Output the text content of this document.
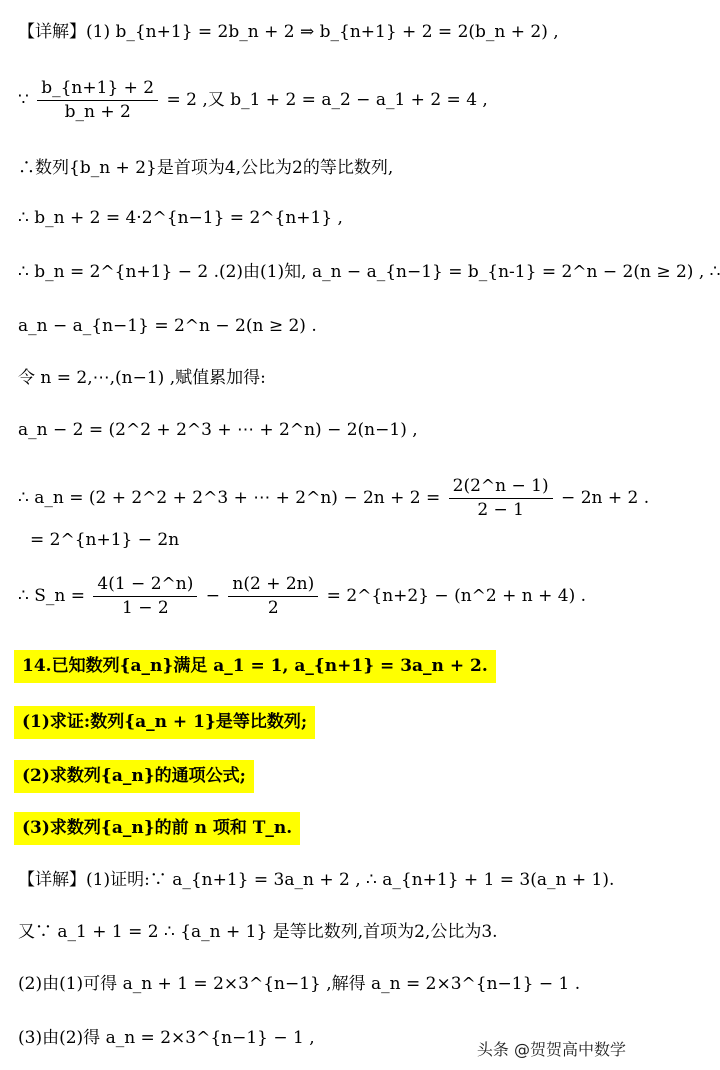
【详解】(1) b_{n+1} = 2b_n + 2 ⇒ b_{n+1} + 2 = 2(b_n + 2) ,
∵ $\frac{b\_\{n+1\} + 2}{b\_n + 2} = 2$ ,又 b_1 + 2 = a_2 − a_1 + 2 = 4 ,
∴数列{b_n + 2}是首项为4,公比为2的等比数列,
∴ b_n + 2 = 4·2^{n−1} = 2^{n+1} ,
∴ b_n = 2^{n+1} − 2 .(2)由(1)知, a_n − a_{n−1} = b_{n-1} = 2^n − 2(n ≥ 2) , ∴
a_n − a_{n−1} = 2^n − 2(n ≥ 2) .
令 n = 2,⋯,(n−1) ,赋值累加得:
a_n − 2 = (2^2 + 2^3 + ⋯ + 2^n) − 2(n−1) ,
∴ a_n = (2 + 2^2 + 2^3 + ⋯ + 2^n) − $2n + 2 = \frac{2(2\^{}n - 1)}{2 - 1} - 2n + 2$ .
= 2^{n+1} − 2n
∴ S_n = $\frac{4(1 - 2\^{}n)}{1 - 2} - \frac{n(2 + 2n)}{2}$ = 2^{n+2} − (n^2 + n + 4) .
14.已知数列{a_n}满足 a_1 = 1, a_{n+1} = 3a_n + 2.
(1)求证:数列{a_n + 1}是等比数列;
(2)求数列{a_n}的通项公式;
(3)求数列{a_n}的前 n 项和 T_n.
【详解】(1)证明:∵ a_{n+1} = 3a_n + 2 , ∴ a_{n+1} + 1 = 3(a_n + 1).
又∵ a_1 + 1 = 2 ∴ {a_n + 1} 是等比数列,首项为2,公比为3.
(2)由(1)可得 a_n + 1 = 2×3^{n−1} ,解得 a_n = 2×3^{n−1} − 1 .
(3)由(2)得 a_n = 2×3^{n−1} − 1 ,
头条 @贺贺高中数学
